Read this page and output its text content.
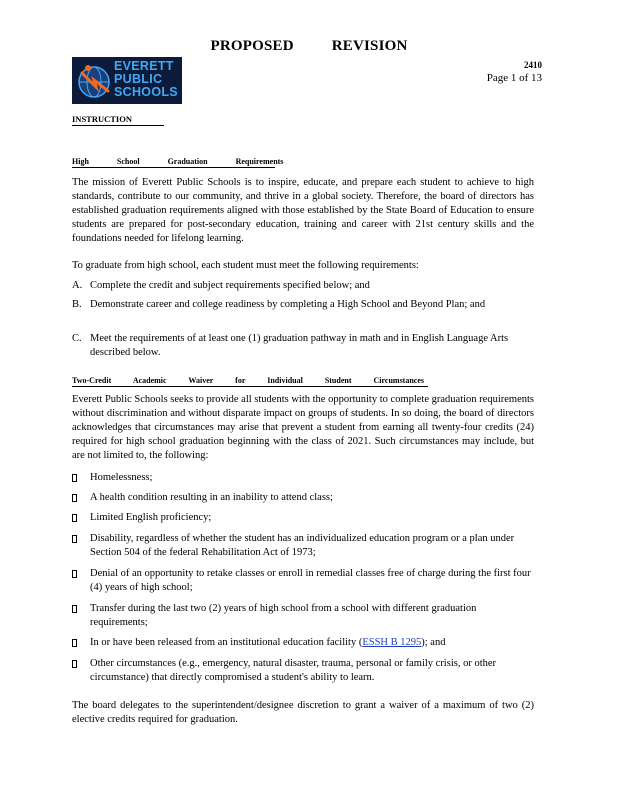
PROPOSED	REVISION
2410
Page 1 of 13
EVERETT
PUBLIC
SCHOOLS
INSTRUCTION
High School Graduation Requirements
The mission of Everett Public Schools is to inspire, educate, and prepare each student to achieve to high standards, contribute to our community, and thrive in a global society. Therefore, the board of directors has established graduation requirements aligned with those established by the State Board of Education to ensure students are prepared for post-secondary education, training and career with 21st century skills and the foundations needed for lifelong learning.
To graduate from high school, each student must meet the following requirements:
A. Complete the credit and subject requirements specified below; and
B. Demonstrate career and college readiness by completing a High School and Beyond Plan; and
C. Meet the requirements of at least one (1) graduation pathway in math and in English Language Arts described below.
Two-Credit Academic Waiver for Individual Student Circumstances
Everett Public Schools seeks to provide all students with the opportunity to complete graduation requirements without discrimination and without disparate impact on groups of students. In so doing, the board of directors acknowledges that circumstances may arise that prevent a student from earning all twenty-four credits (24) required for high school graduation beginning with the class of 2021. Such circumstances may include, but are not limited to, the following:
Homelessness;
A health condition resulting in an inability to attend class;
Limited English proficiency;
Disability, regardless of whether the student has an individualized education program or a plan under Section 504 of the federal Rehabilitation Act of 1973;
Denial of an opportunity to retake classes or enroll in remedial classes free of charge during the first four (4) years of high school;
Transfer during the last two (2) years of high school from a school with different graduation requirements;
In or have been released from an institutional education facility (ESSH B 1295); and
Other circumstances (e.g., emergency, natural disaster, trauma, personal or family crisis, or other circumstance) that directly compromised a student's ability to learn.
The board delegates to the superintendent/designee discretion to grant a waiver of a maximum of two (2) elective credits required for graduation.
